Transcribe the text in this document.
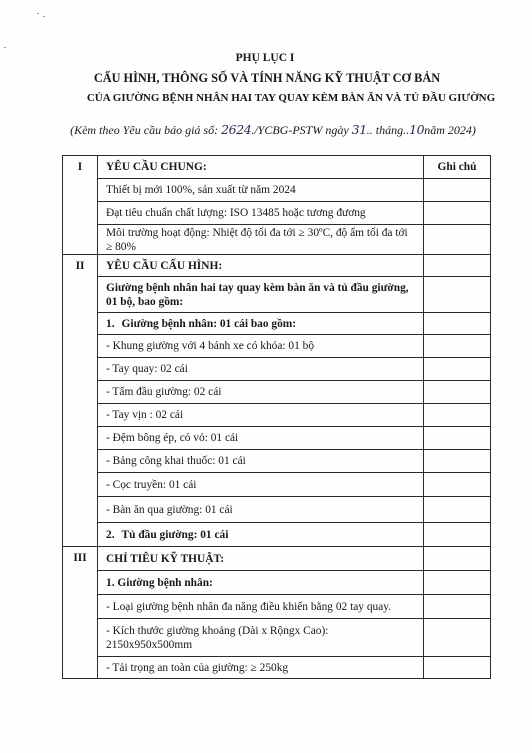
PHỤ LỤC I
CẤU HÌNH, THÔNG SỐ VÀ TÍNH NĂNG KỸ THUẬT CƠ BẢN
CỦA GIƯỜNG BỆNH NHÂN HAI TAY QUAY KÈM BÀN ĂN VÀ TỦ ĐẦU GIƯỜNG
(Kèm theo Yêu cầu báo giá số: 2624./YCBG-PSTW ngày 31.. tháng..10năm 2024)
I	YÊU CẦU CHUNG:	Ghi chú
	Thiết bị mới 100%, sản xuất từ năm 2024	
	Đạt tiêu chuẩn chất lượng: ISO 13485 hoặc tương đương	
	Môi trường hoạt động: Nhiệt độ tối đa tới ≥ 30ºC, độ ẩm tối đa tới ≥ 80%	
II	YÊU CẦU CẤU HÌNH:	
	Giường bệnh nhân hai tay quay kèm bàn ăn và tủ đầu giường, 01 bộ, bao gồm:	
	1. Giường bệnh nhân: 01 cái bao gồm:	
	- Khung giường với 4 bánh xe có khóa: 01 bộ	
	- Tay quay: 02 cái	
	- Tấm đầu giường: 02 cái	
	- Tay vịn : 02 cái	
	- Đệm bông ép, có vỏ: 01 cái	
	- Bảng công khai thuốc: 01 cái	
	- Cọc truyền: 01 cái	
	- Bàn ăn qua giường: 01 cái	
	2. Tủ đầu giường: 01 cái	
III	CHỈ TIÊU KỸ THUẬT:	
	1. Giường bệnh nhân:	
	- Loại giường bệnh nhân đa năng điều khiển bằng 02 tay quay.	
	- Kích thước giường khoảng (Dài x Rộngx Cao): 2150x950x500mm	
	- Tải trọng an toàn của giường: ≥ 250kg	
